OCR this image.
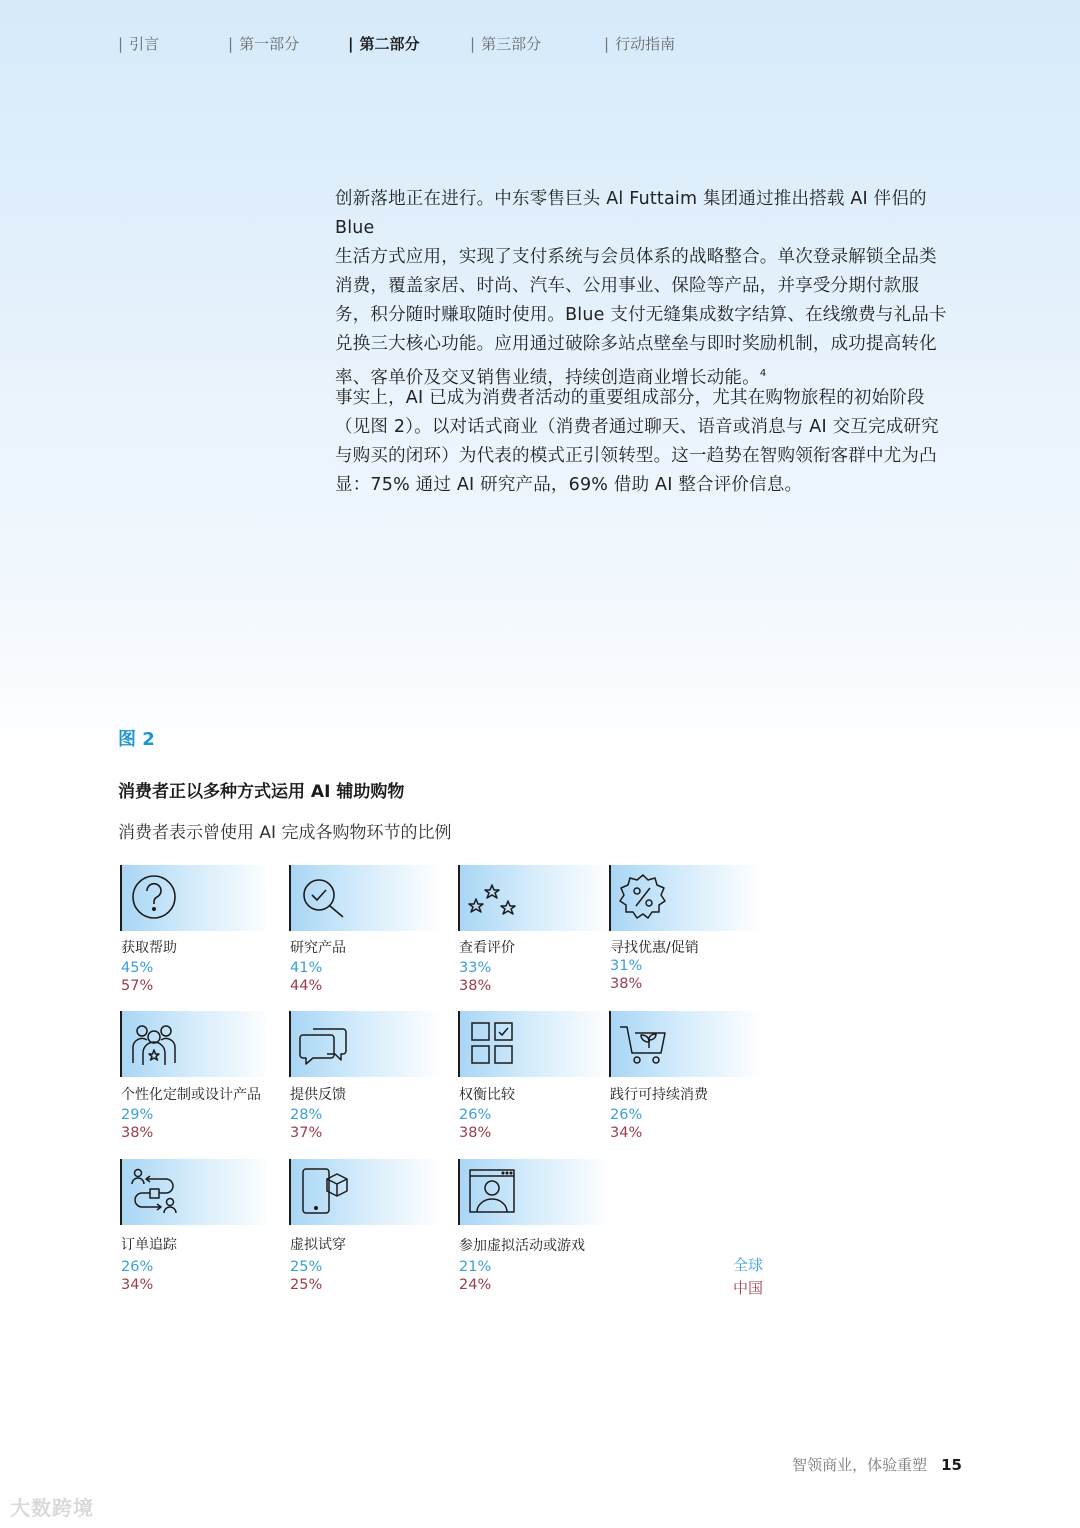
| 引言	| 第一部分	| 第二部分	| 第三部分	| 行动指南

创新落地正在进行。中东零售巨头 Al Futtaim 集团通过推出搭载 AI 伴侣的 Blue
生活方式应用，实现了支付系统与会员体系的战略整合。单次登录解锁全品类
消费，覆盖家居、时尚、汽车、公用事业、保险等产品，并享受分期付款服
务，积分随时赚取随时使用。Blue 支付无缝集成数字结算、在线缴费与礼品卡
兑换三大核心功能。应用通过破除多站点壁垒与即时奖励机制，成功提高转化
率、客单价及交叉销售业绩，持续创造商业增长动能。$^4$

事实上，AI 已成为消费者活动的重要组成部分，尤其在购物旅程的初始阶段
（见图 2）。以对话式商业（消费者通过聊天、语音或消息与 AI 交互完成研究
与购买的闭环）为代表的模式正引领转型。这一趋势在智购领衔客群中尤为凸
显：75% 通过 AI 研究产品，69% 借助 AI 整合评价信息。

图 2
消费者正以多种方式运用 AI 辅助购物
消费者表示曾使用 AI 完成各购物环节的比例
获取帮助
45%
57%
研究产品
41%
44%
查看评价
33%
38%
寻找优惠/促销
31%
38%
个性化定制或设计产品
29%
38%
提供反馈
28%
37%
权衡比较
26%
38%
践行可持续消费
26%
34%
订单追踪
26%
34%
虚拟试穿
25%
25%
参加虚拟活动或游戏
21%
24%
全球
中国
智领商业，体验重塑 15
大数跨境
